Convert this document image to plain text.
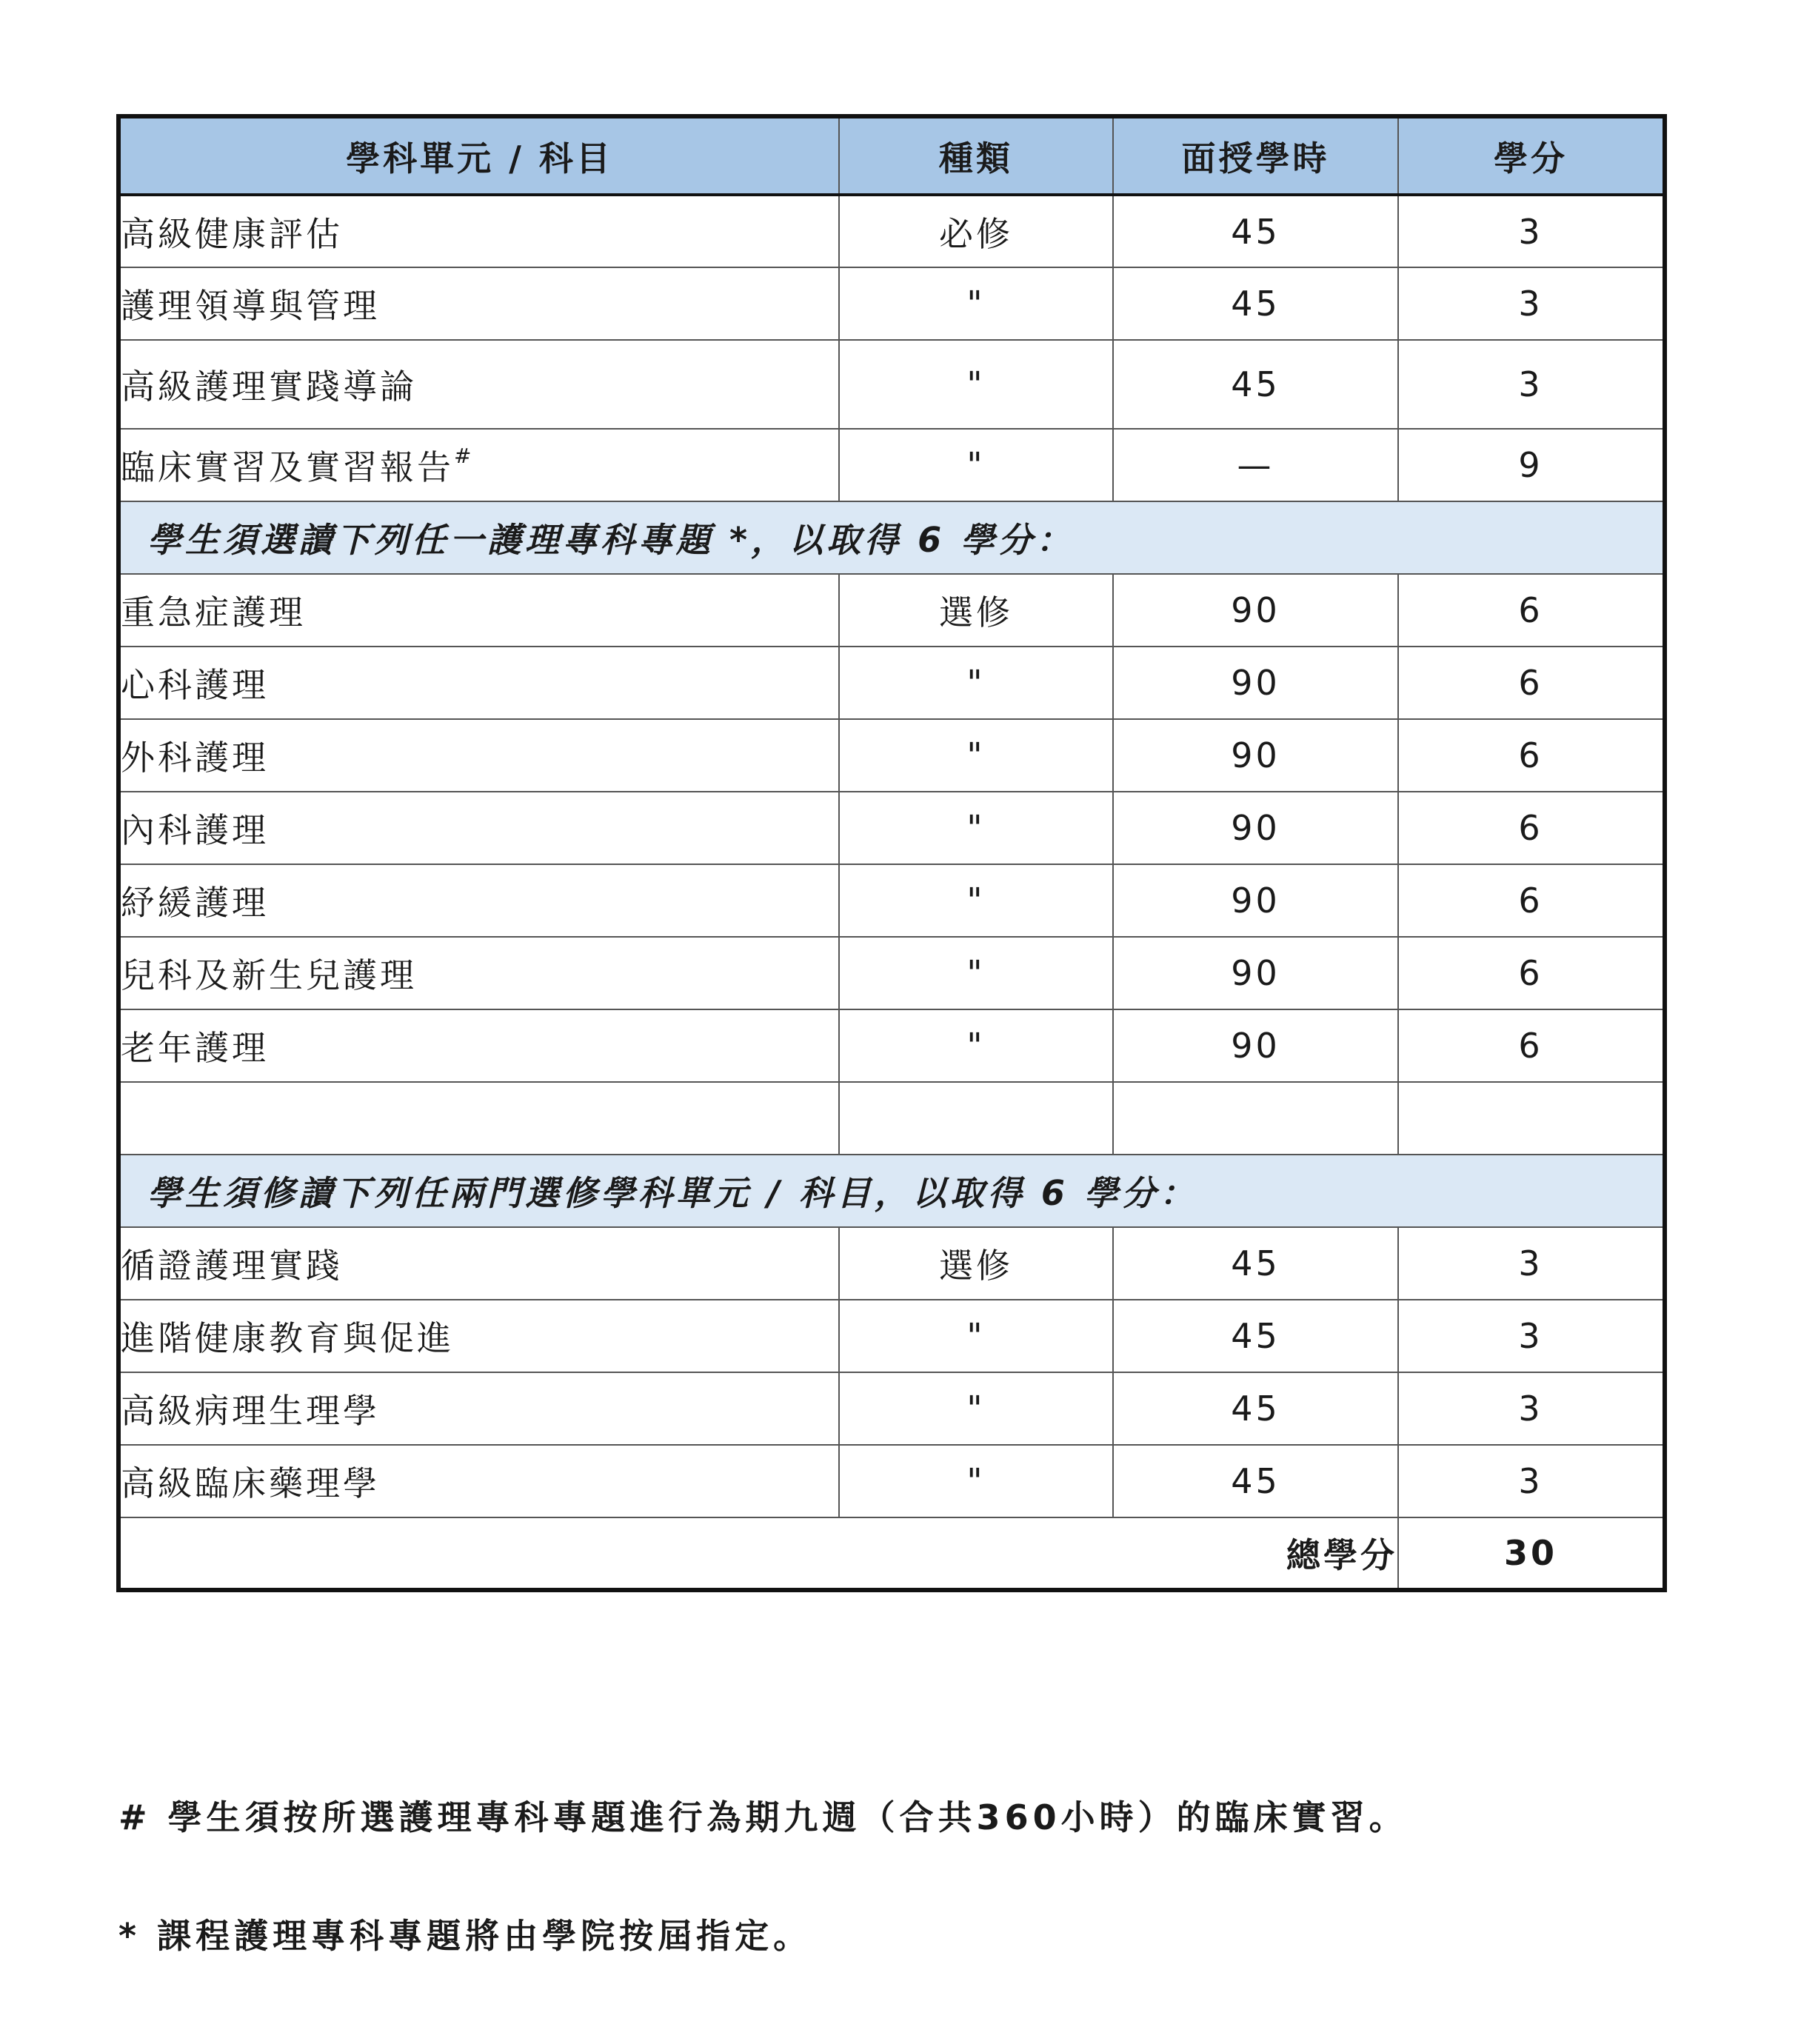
學科單元 / 科目	種類	面授學時	學分
高級健康評估	必修	45	3
護理領導與管理	"	45	3
高級護理實踐導論	"	45	3
臨床實習及實習報告#	"	—	9
學生須選讀下列任一護理專科專題 *，以取得 6 學分：			
重急症護理	選修	90	6
心科護理	"	90	6
外科護理	"	90	6
內科護理	"	90	6
紓緩護理	"	90	6
兒科及新生兒護理	"	90	6
老年護理	"	90	6

學生須修讀下列任兩門選修學科單元 / 科目，以取得 6 學分：			
循證護理實踐	選修	45	3
進階健康教育與促進	"	45	3
高級病理生理學	"	45	3
高級臨床藥理學	"	45	3
總學分			30

# 學生須按所選護理專科專題進行為期九週（合共360小時）的臨床實習。

* 課程護理專科專題將由學院按屆指定。
